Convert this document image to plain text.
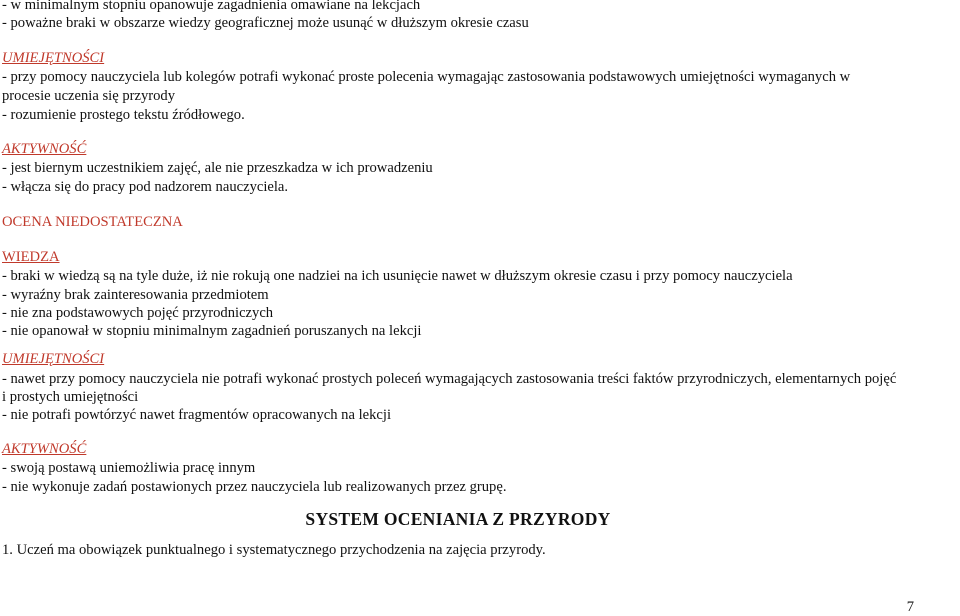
- w minimalnym stopniu opanowuje zagadnienia omawiane na lekcjach
- poważne braki w obszarze wiedzy geograficznej może usunąć w dłuższym okresie czasu
UMIEJĘTNOŚCI
- przy pomocy nauczyciela lub kolegów potrafi wykonać proste polecenia wymagając zastosowania podstawowych umiejętności wymaganych w
procesie uczenia się przyrody
- rozumienie prostego tekstu źródłowego.
AKTYWNOŚĆ
- jest biernym uczestnikiem zajęć, ale nie przeszkadza w ich prowadzeniu
- włącza się do pracy pod nadzorem nauczyciela.
OCENA NIEDOSTATECZNA
WIEDZA
- braki w wiedzą są na tyle duże, iż nie rokują one nadziei na ich usunięcie nawet w dłuższym okresie czasu i przy pomocy nauczyciela
- wyraźny brak zainteresowania przedmiotem
- nie zna podstawowych pojęć przyrodniczych
- nie opanował w stopniu minimalnym zagadnień poruszanych na lekcji
UMIEJĘTNOŚCI
- nawet przy pomocy nauczyciela nie potrafi wykonać prostych poleceń wymagających zastosowania treści faktów przyrodniczych, elementarnych pojęć
i prostych umiejętności
- nie potrafi powtórzyć nawet fragmentów opracowanych na lekcji
AKTYWNOŚĆ
- swoją postawą uniemożliwia pracę innym
- nie wykonuje zadań postawionych przez nauczyciela lub realizowanych przez grupę.
SYSTEM OCENIANIA Z PRZYRODY
1. Uczeń ma obowiązek punktualnego i systematycznego przychodzenia na zajęcia przyrody.
7
